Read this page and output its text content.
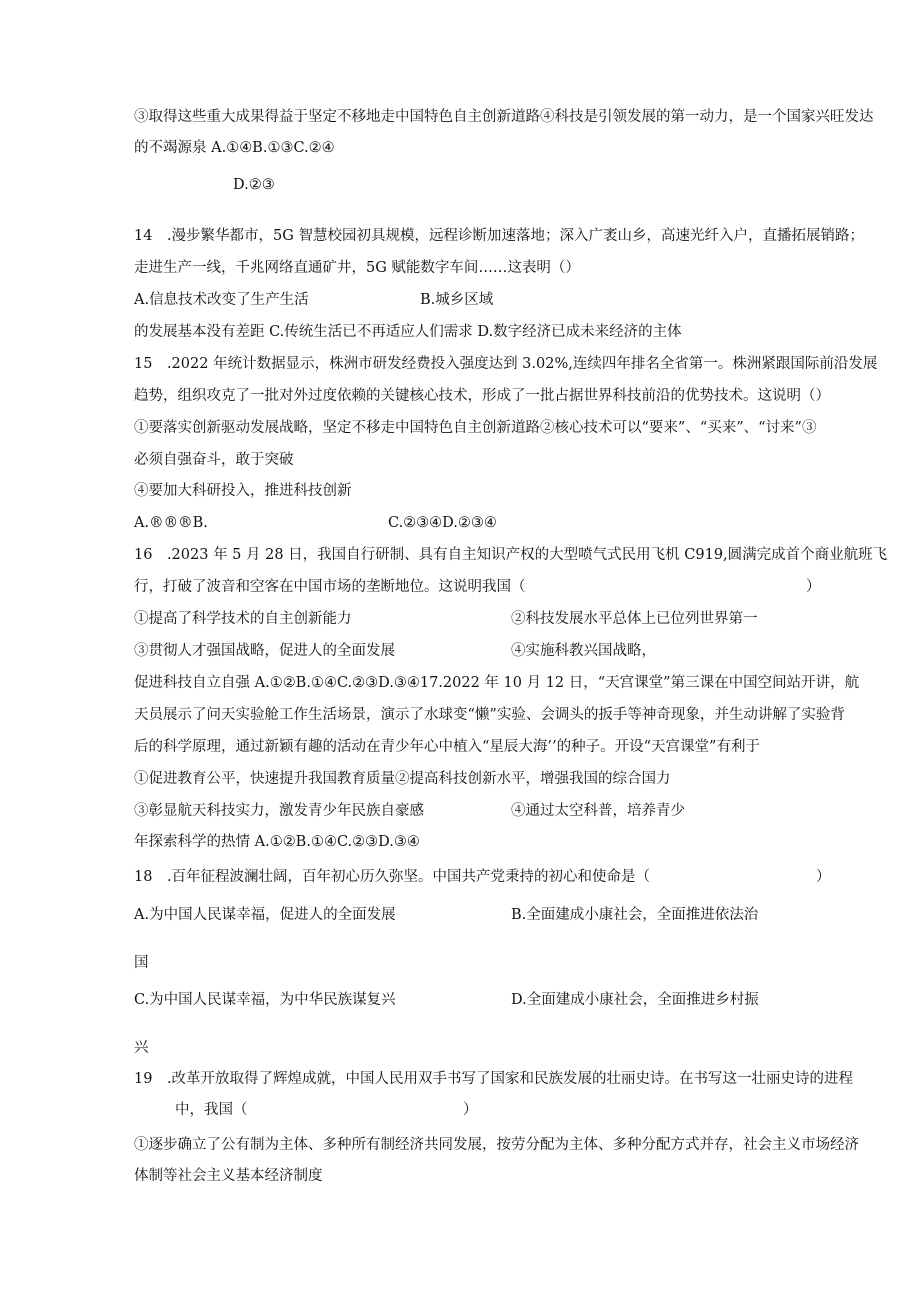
③取得这些重大成果得益于坚定不移地走中国特色自主创新道路④科技是引领发展的第一动力，是一个国家兴旺发达
的不竭源泉 A.①④B.①③C.②④
D.②③
14 .漫步繁华都市，5G 智慧校园初具规模，远程诊断加速落地；深入广袤山乡，高速光纤入户，直播拓展销路；
走进生产一线，千兆网络直通矿井，5G 赋能数字车间……这表明（）
A.信息技术改变了生产生活	B.城乡区域
的发展基本没有差距 C.传统生活已不再适应人们需求 D.数字经济已成未来经济的主体
15 .2022 年统计数据显示，株洲市研发经费投入强度达到 3.02%,连续四年排名全省第一。株洲紧跟国际前沿发展
趋势，组织攻克了一批对外过度依赖的关键核心技术，形成了一批占据世界科技前沿的优势技术。这说明（）
①要落实创新驱动发展战略，坚定不移走中国特色自主创新道路②核心技术可以“要来”、“买来”、“讨来”③
必须自强奋斗，敢于突破
④要加大科研投入，推进科技创新
A.®®®B.	C.②③④D.②③④
16 .2023 年 5 月 28 日，我国自行研制、具有自主知识产权的大型喷气式民用飞机 C919,圆满完成首个商业航班飞
行，打破了波音和空客在中国市场的垄断地位。这说明我国（	）
①提高了科学技术的自主创新能力	②科技发展水平总体上已位列世界第一
③贯彻人才强国战略，促进人的全面发展	④实施科教兴国战略，
促进科技自立自强 A.①②B.①④C.②③D.③④17.2022 年 10 月 12 日，“天宫课堂”第三课在中国空间站开讲，航
天员展示了问天实验舱工作生活场景，演示了水球变“懒”实验、会调头的扳手等神奇现象，并生动讲解了实验背
后的科学原理，通过新颖有趣的活动在青少年心中植入“星辰大海’’的种子。开设“天宫课堂”有利于
①促进教育公平，快速提升我国教育质量②提高科技创新水平，增强我国的综合国力
③彰显航天科技实力，激发青少年民族自豪感	④通过太空科普，培养青少
年探索科学的热情 A.①②B.①④C.②③D.③④
18 .百年征程波澜壮阔，百年初心历久弥坚。中国共产党秉持的初心和使命是（	）
A.为中国人民谋幸福，促进人的全面发展	B.全面建成小康社会，全面推进依法治
国
C.为中国人民谋幸福，为中华民族谋复兴	D.全面建成小康社会，全面推进乡村振
兴
19 .改革开放取得了辉煌成就，中国人民用双手书写了国家和民族发展的壮丽史诗。在书写这一壮丽史诗的进程
中，我国（	）
①逐步确立了公有制为主体、多种所有制经济共同发展，按劳分配为主体、多种分配方式并存，社会主义市场经济
体制等社会主义基本经济制度
